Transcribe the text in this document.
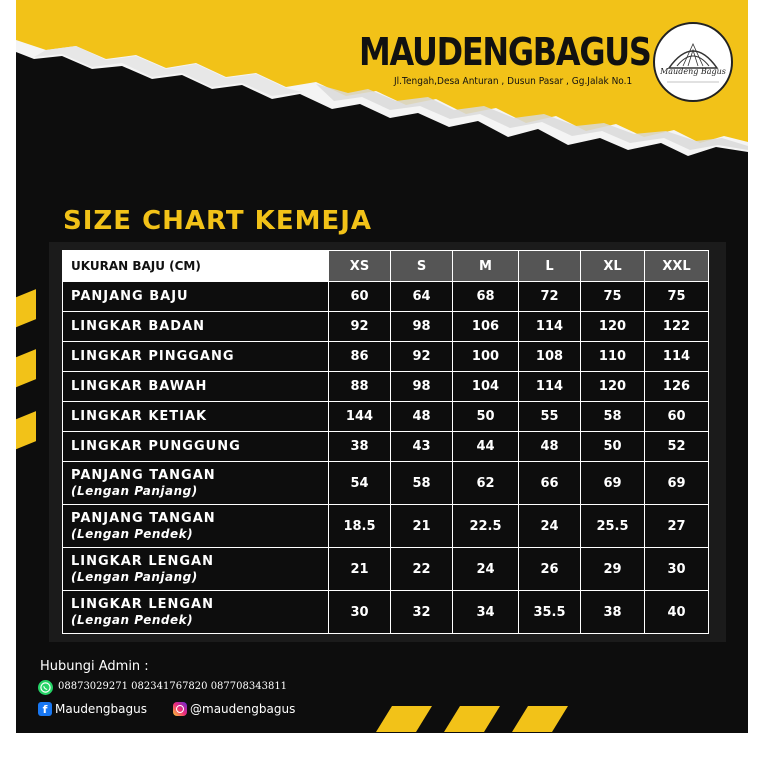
MAUDENGBAGUS
Jl.Tengah,Desa Anturan , Dusun Pasar , Gg.Jalak No.1
Maudeng Bagus
SIZE CHART KEMEJA
UKURAN BAJU (CM)	XS	S	M	L	XL	XXL
PANJANG BAJU	60	64	68	72	75	75
LINGKAR BADAN	92	98	106	114	120	122
LINGKAR PINGGANG	86	92	100	108	110	114
LINGKAR BAWAH	88	98	104	114	120	126
LINGKAR KETIAK	144	48	50	55	58	60
LINGKAR PUNGGUNG	38	43	44	48	50	52
PANJANG TANGAN
(Lengan Panjang)	54	58	62	66	69	69
PANJANG TANGAN
(Lengan Pendek)	18.5	21	22.5	24	25.5	27
LINGKAR LENGAN
(Lengan Panjang)	21	22	24	26	29	30
LINGKAR LENGAN
(Lengan Pendek)	30	32	34	35.5	38	40
Hubungi Admin :
08873029271 082341767820 087708343811
f Maudengbagus	@maudengbagus
